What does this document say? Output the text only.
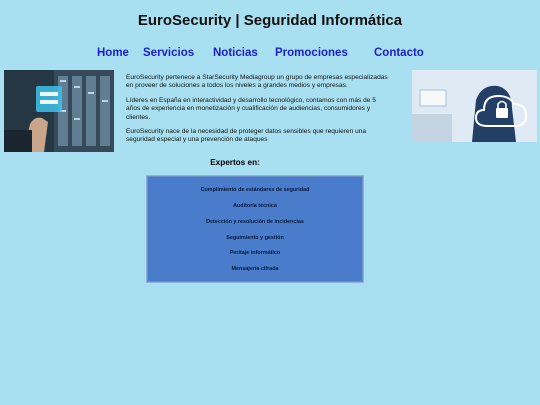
EuroSecurity | Seguridad Informática
Home Servicios Noticias Promociones Contacto

EuroSecurity pertenece a StarSecurity Mediagroup un grupo de empresas especializadas en proveer de soluciones a todos los niveles a grandes medios y empresas.

Líderes en España en interactividad y desarrollo tecnológico, contamos con más de 5 años de experiencia en monetización y cualificación de audiencias, consumidores y clientes.

EuroSecurity nace de la necesidad de proteger datos sensibles que requieren una seguridad especial y una prevención de ataques

Expertos en:
Cumplimiento de estándares de seguridad
Auditoría técnica
Detección y resolución de incidencias
Seguimiento y gestión
Peritaje informático
Mensajería cifrada
